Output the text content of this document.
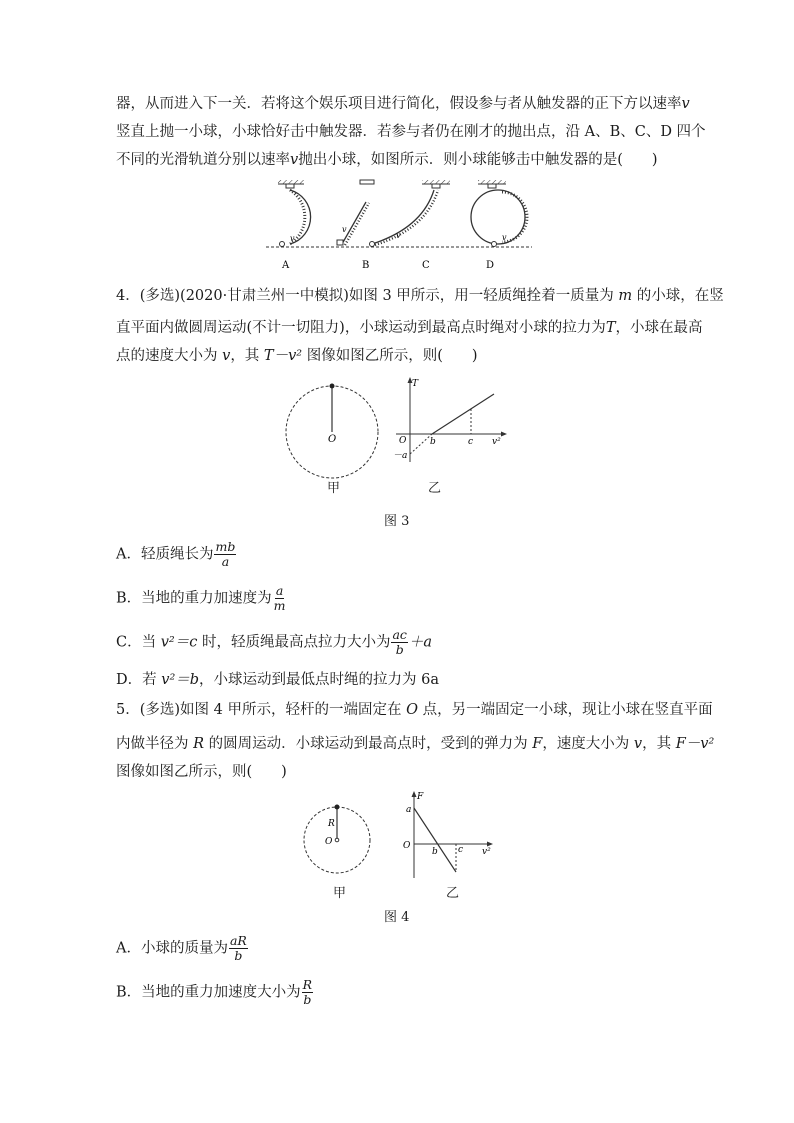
器，从而进入下一关．若将这个娱乐项目进行简化，假设参与者从触发器的正下方以速率v
竖直上抛一小球，小球恰好击中触发器．若参与者仍在刚才的抛出点，沿 A、B、C、D 四个
不同的光滑轨道分别以速率v抛出小球，如图所示．则小球能够击中触发器的是(　　)
v
v
v	v
A	B	C	D
4．(多选)(2020·甘肃兰州一中模拟)如图 3 甲所示，用一轻质绳拴着一质量为 m 的小球，在竖
直平面内做圆周运动(不计一切阻力)，小球运动到最高点时绳对小球的拉力为T，小球在最高
点的速度大小为 v，其 T－v² 图像如图乙所示，则(　　)
O
甲
T
O
－a
b	c v²
乙
图 3
A．轻质绳长为 $\frac{mb}{a}$
B．当地的重力加速度为 $\frac{a}{m}$
C．当 v²＝c 时，轻质绳最高点拉力大小为 $\frac{ac}{b} +a$
D．若 v²＝b，小球运动到最低点时绳的拉力为 6a
5．(多选)如图 4 甲所示，轻杆的一端固定在 O 点，另一端固定一小球，现让小球在竖直平面
内做半径为 R 的圆周运动．小球运动到最高点时，受到的弹力为 F，速度大小为 v，其 F－v²
图像如图乙所示，则(　　)
R
O
甲
F
a
O
b c v²
乙
图 4
A．小球的质量为 $\frac{aR}{b}$
B．当地的重力加速度大小为 $\frac{R}{b}$
